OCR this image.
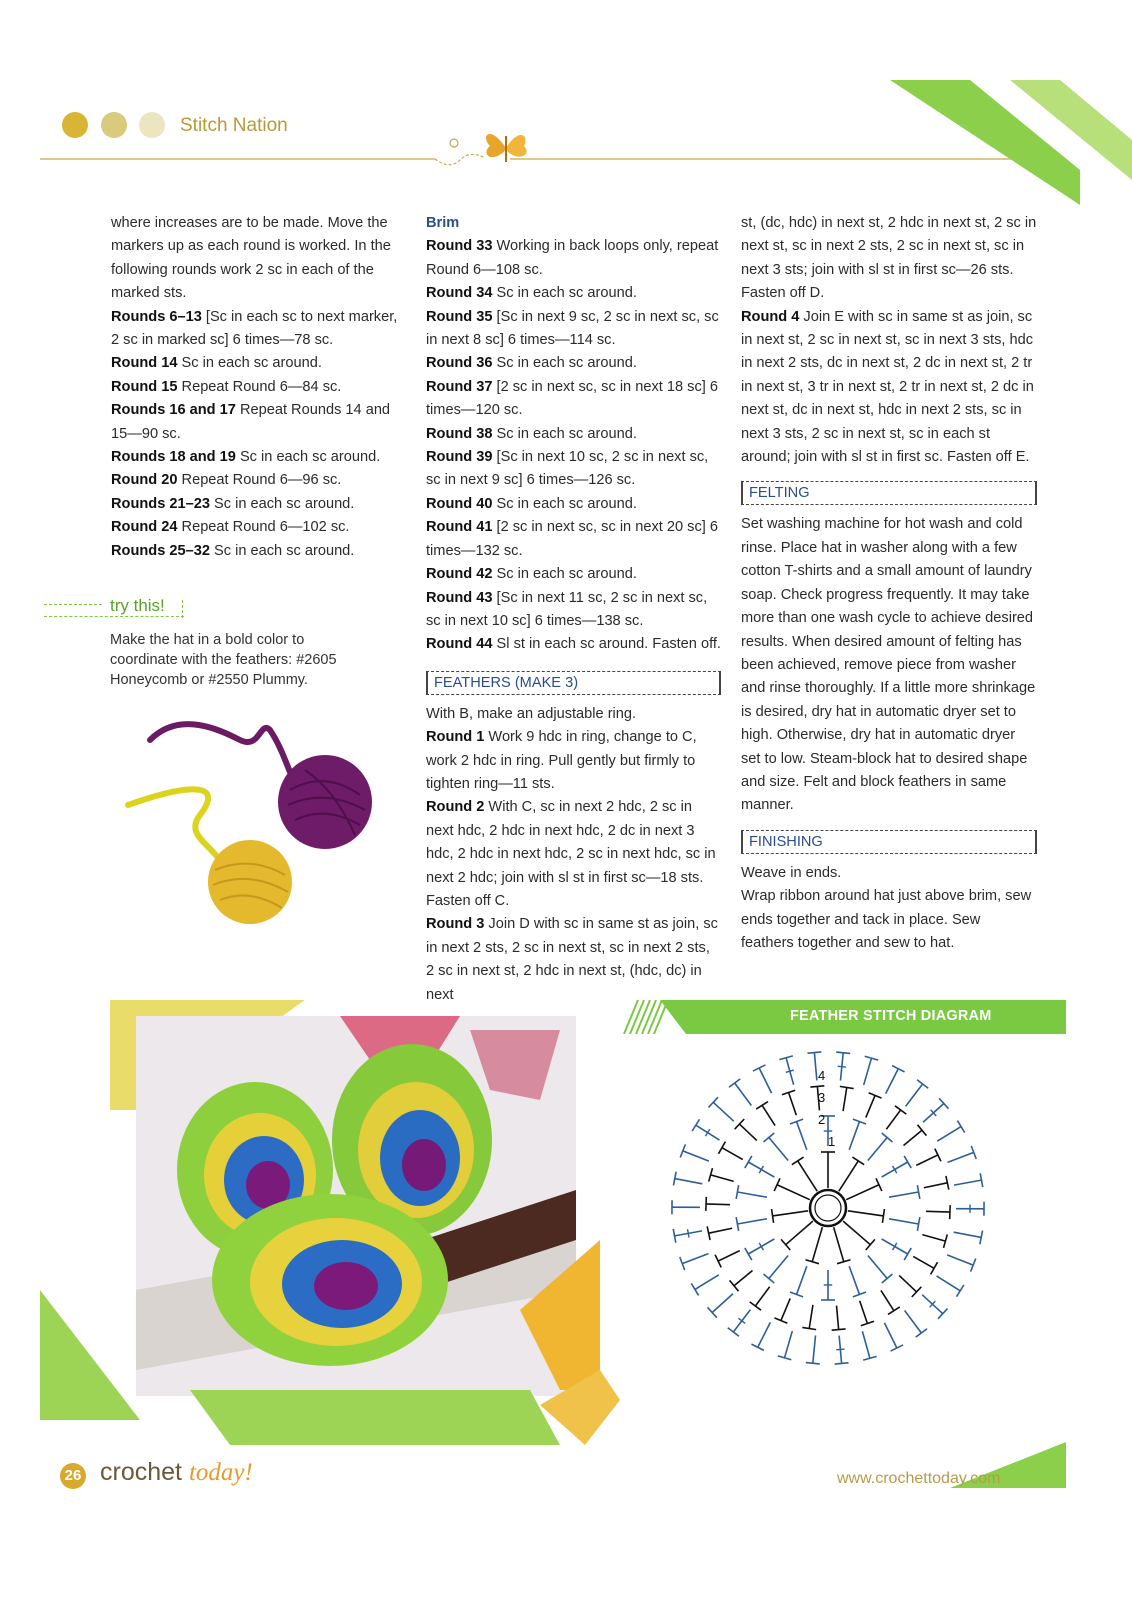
Stitch Nation

where increases are to be made. Move the markers up as each round is worked. In the following rounds work 2 sc in each of the marked sts.

Rounds 6–13 [Sc in each sc to next marker, 2 sc in marked sc] 6 times—78 sc.

Round 14 Sc in each sc around.

Round 15 Repeat Round 6—84 sc.

Rounds 16 and 17 Repeat Rounds 14 and 15—90 sc.

Rounds 18 and 19 Sc in each sc around.

Round 20 Repeat Round 6—96 sc.

Rounds 21–23 Sc in each sc around.

Round 24 Repeat Round 6—102 sc.

Rounds 25–32 Sc in each sc around.

try this!
Make the hat in a bold color to coordinate with the feathers: #2605 Honeycomb or #2550 Plummy.

Brim

Round 33 Working in back loops only, repeat Round 6—108 sc.

Round 34 Sc in each sc around.

Round 35 [Sc in next 9 sc, 2 sc in next sc, sc in next 8 sc] 6 times—114 sc.

Round 36 Sc in each sc around.

Round 37 [2 sc in next sc, sc in next 18 sc] 6 times—120 sc.

Round 38 Sc in each sc around.

Round 39 [Sc in next 10 sc, 2 sc in next sc, sc in next 9 sc] 6 times—126 sc.

Round 40 Sc in each sc around.

Round 41 [2 sc in next sc, sc in next 20 sc] 6 times—132 sc.

Round 42 Sc in each sc around.

Round 43 [Sc in next 11 sc, 2 sc in next sc, sc in next 10 sc] 6 times—138 sc.

Round 44 Sl st in each sc around. Fasten off.

FEATHERS (MAKE 3)

With B, make an adjustable ring.

Round 1 Work 9 hdc in ring, change to C, work 2 hdc in ring. Pull gently but firmly to tighten ring—11 sts.

Round 2 With C, sc in next 2 hdc, 2 sc in next hdc, 2 hdc in next hdc, 2 dc in next 3 hdc, 2 hdc in next hdc, 2 sc in next hdc, sc in next 2 hdc; join with sl st in first sc—18 sts. Fasten off C.

Round 3 Join D with sc in same st as join, sc in next 2 sts, 2 sc in next st, sc in next 2 sts, 2 sc in next st, 2 hdc in next st, (hdc, dc) in next

st, (dc, hdc) in next st, 2 hdc in next st, 2 sc in next st, sc in next 2 sts, 2 sc in next st, sc in next 3 sts; join with sl st in first sc—26 sts. Fasten off D.

Round 4 Join E with sc in same st as join, sc in next st, 2 sc in next st, sc in next 3 sts, hdc in next 2 sts, dc in next st, 2 dc in next st, 2 tr in next st, 3 tr in next st, 2 tr in next st, 2 dc in next st, dc in next st, hdc in next 2 sts, sc in next 3 sts, 2 sc in next st, sc in each st around; join with sl st in first sc. Fasten off E.

FELTING

Set washing machine for hot wash and cold rinse. Place hat in washer along with a few cotton T-shirts and a small amount of laundry soap. Check progress frequently. It may take more than one wash cycle to achieve desired results. When desired amount of felting has been achieved, remove piece from washer and rinse thoroughly. If a little more shrinkage is desired, dry hat in automatic dryer set to high. Otherwise, dry hat in automatic dryer set to low. Steam-block hat to desired shape and size. Felt and block feathers in same manner.

FINISHING

Weave in ends.

Wrap ribbon around hat just above brim, sew ends together and tack in place. Sew feathers together and sew to hat.

FEATHER STITCH DIAGRAM
4
3
2
1
26 crochet today!	www.crochettoday.com
